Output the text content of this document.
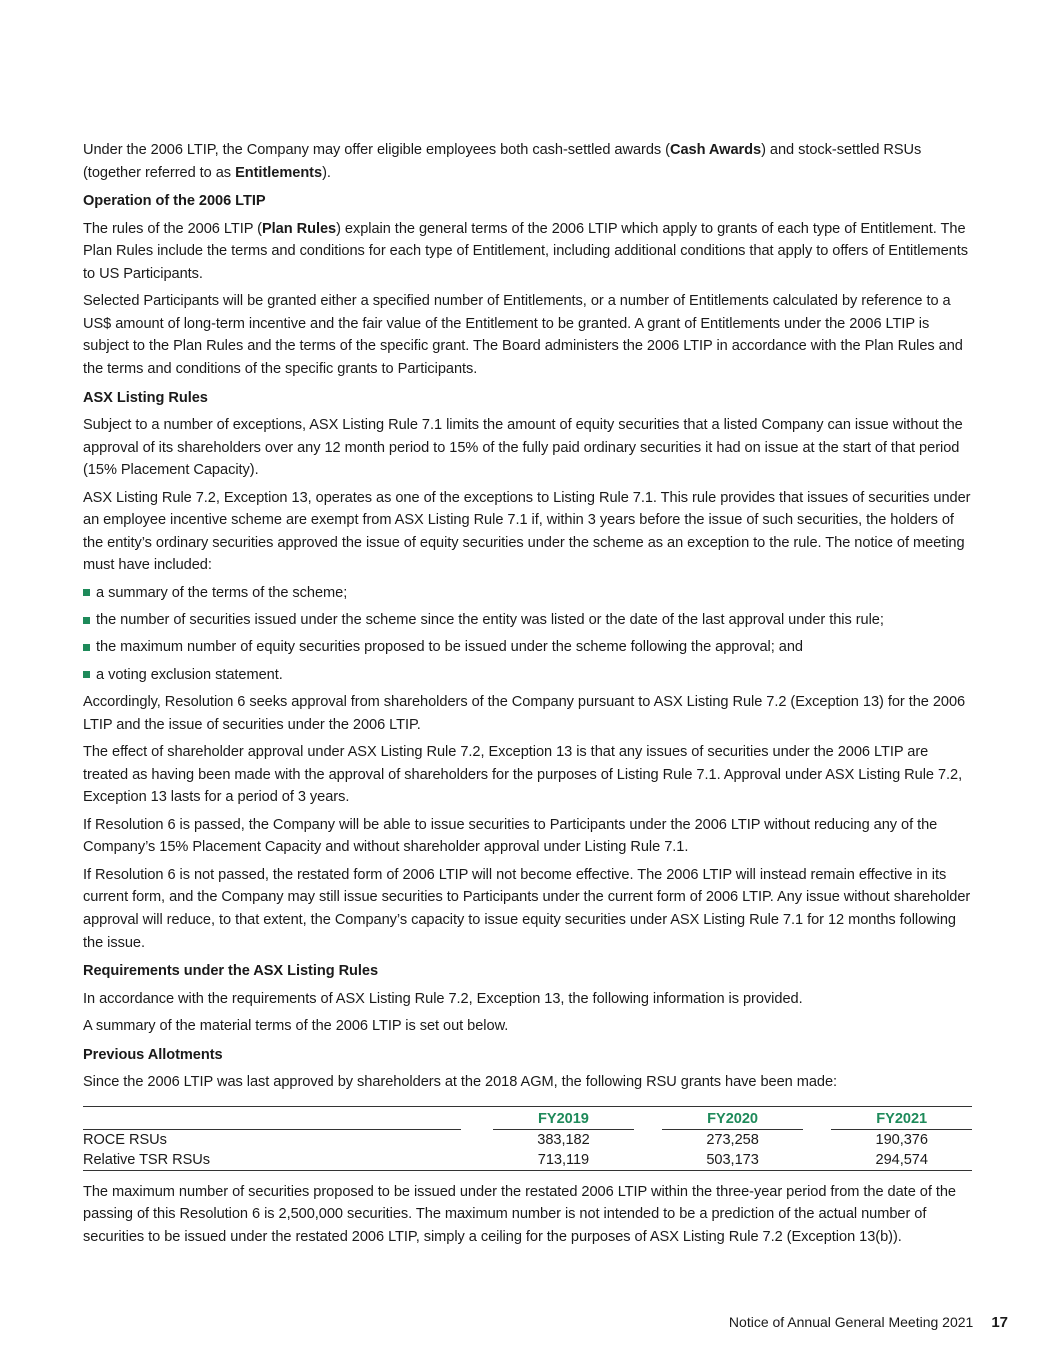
Under the 2006 LTIP, the Company may offer eligible employees both cash-settled awards (Cash Awards) and stock-settled RSUs (together referred to as Entitlements).

Operation of the 2006 LTIP

The rules of the 2006 LTIP (Plan Rules) explain the general terms of the 2006 LTIP which apply to grants of each type of Entitlement. The Plan Rules include the terms and conditions for each type of Entitlement, including additional conditions that apply to offers of Entitlements to US Participants.

Selected Participants will be granted either a specified number of Entitlements, or a number of Entitlements calculated by reference to a US$ amount of long-term incentive and the fair value of the Entitlement to be granted. A grant of Entitlements under the 2006 LTIP is subject to the Plan Rules and the terms of the specific grant. The Board administers the 2006 LTIP in accordance with the Plan Rules and the terms and conditions of the specific grants to Participants.

ASX Listing Rules

Subject to a number of exceptions, ASX Listing Rule 7.1 limits the amount of equity securities that a listed Company can issue without the approval of its shareholders over any 12 month period to 15% of the fully paid ordinary securities it had on issue at the start of that period (15% Placement Capacity).

ASX Listing Rule 7.2, Exception 13, operates as one of the exceptions to Listing Rule 7.1. This rule provides that issues of securities under an employee incentive scheme are exempt from ASX Listing Rule 7.1 if, within 3 years before the issue of such securities, the holders of the entity’s ordinary securities approved the issue of equity securities under the scheme as an exception to the rule. The notice of meeting must have included:

a summary of the terms of the scheme;
the number of securities issued under the scheme since the entity was listed or the date of the last approval under this rule;
the maximum number of equity securities proposed to be issued under the scheme following the approval; and
a voting exclusion statement.

Accordingly, Resolution 6 seeks approval from shareholders of the Company pursuant to ASX Listing Rule 7.2 (Exception 13) for the 2006 LTIP and the issue of securities under the 2006 LTIP.

The effect of shareholder approval under ASX Listing Rule 7.2, Exception 13 is that any issues of securities under the 2006 LTIP are treated as having been made with the approval of shareholders for the purposes of Listing Rule 7.1. Approval under ASX Listing Rule 7.2, Exception 13 lasts for a period of 3 years.

If Resolution 6 is passed, the Company will be able to issue securities to Participants under the 2006 LTIP without reducing any of the Company’s 15% Placement Capacity and without shareholder approval under Listing Rule 7.1.

If Resolution 6 is not passed, the restated form of 2006 LTIP will not become effective. The 2006 LTIP will instead remain effective in its current form, and the Company may still issue securities to Participants under the current form of 2006 LTIP. Any issue without shareholder approval will reduce, to that extent, the Company’s capacity to issue equity securities under ASX Listing Rule 7.1 for 12 months following the issue.

Requirements under the ASX Listing Rules

In accordance with the requirements of ASX Listing Rule 7.2, Exception 13, the following information is provided.

A summary of the material terms of the 2006 LTIP is set out below.

Previous Allotments

Since the 2006 LTIP was last approved by shareholders at the 2018 AGM, the following RSU grants have been made:

		FY2019		FY2020		FY2021

ROCE RSUs		383,182		273,258		190,376
Relative TSR RSUs		713,119		503,173		294,574

The maximum number of securities proposed to be issued under the restated 2006 LTIP within the three-year period from the date of the passing of this Resolution 6 is 2,500,000 securities. The maximum number is not intended to be a prediction of the actual number of securities to be issued under the restated 2006 LTIP, simply a ceiling for the purposes of ASX Listing Rule 7.2 (Exception 13(b)).

Notice of Annual General Meeting 2021 17
